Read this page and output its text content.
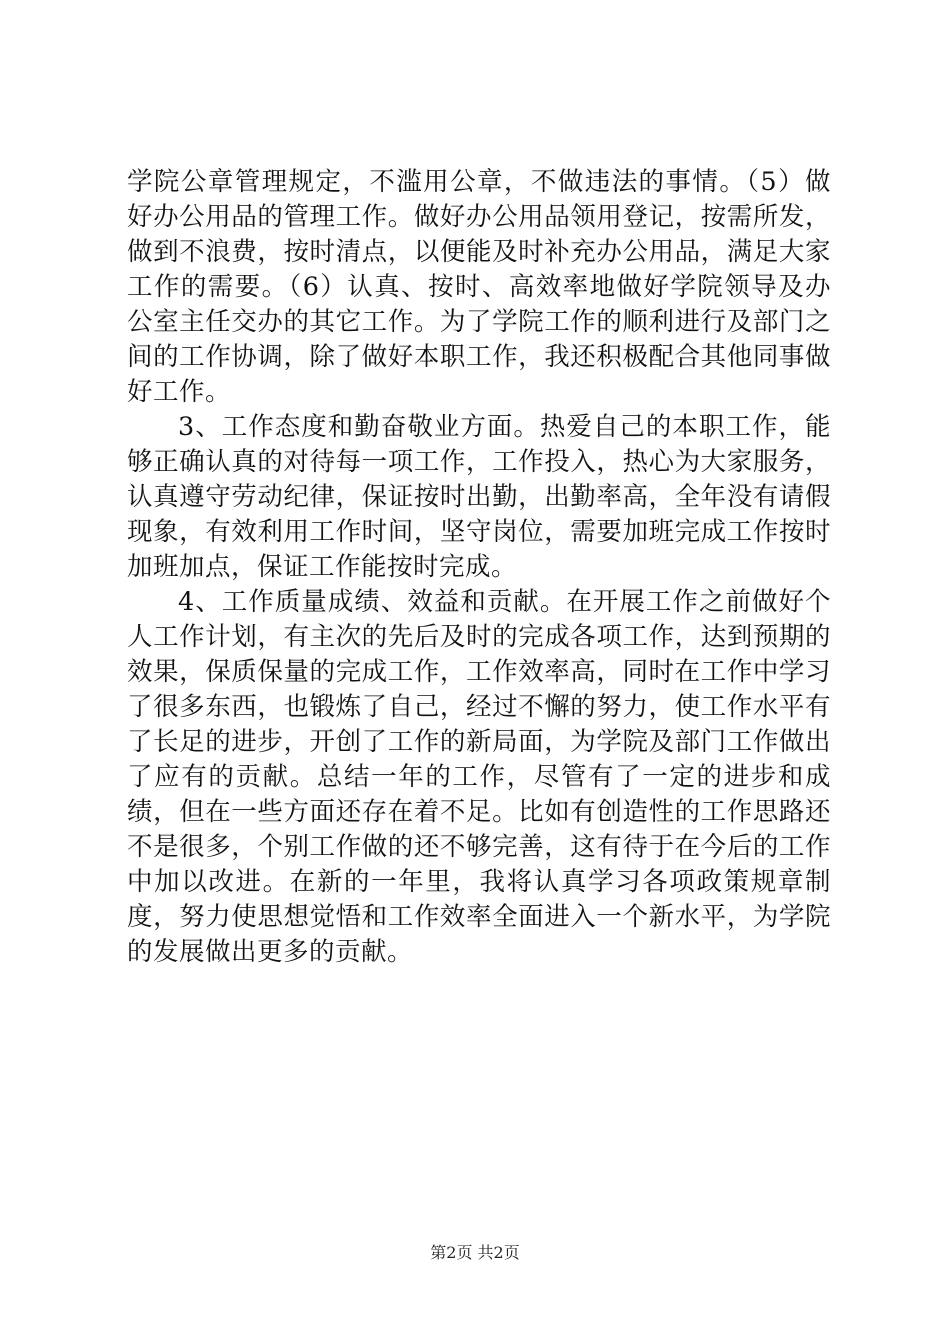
学院公章管理规定，不滥用公章，不做违法的事情。（5）做好办公用品的管理工作。做好办公用品领用登记，按需所发，做到不浪费，按时清点，以便能及时补充办公用品，满足大家工作的需要。（6）认真、按时、高效率地做好学院领导及办公室主任交办的其它工作。为了学院工作的顺利进行及部门之间的工作协调，除了做好本职工作，我还积极配合其他同事做好工作。

3、工作态度和勤奋敬业方面。热爱自己的本职工作，能够正确认真的对待每一项工作，工作投入，热心为大家服务，认真遵守劳动纪律，保证按时出勤，出勤率高，全年没有请假现象，有效利用工作时间，坚守岗位，需要加班完成工作按时加班加点，保证工作能按时完成。

4、工作质量成绩、效益和贡献。在开展工作之前做好个人工作计划，有主次的先后及时的完成各项工作，达到预期的效果，保质保量的完成工作，工作效率高，同时在工作中学习了很多东西，也锻炼了自己，经过不懈的努力，使工作水平有了长足的进步，开创了工作的新局面，为学院及部门工作做出了应有的贡献。总结一年的工作，尽管有了一定的进步和成绩，但在一些方面还存在着不足。比如有创造性的工作思路还不是很多，个别工作做的还不够完善，这有待于在今后的工作中加以改进。在新的一年里，我将认真学习各项政策规章制度，努力使思想觉悟和工作效率全面进入一个新水平，为学院的发展做出更多的贡献。

第2页 共2页
